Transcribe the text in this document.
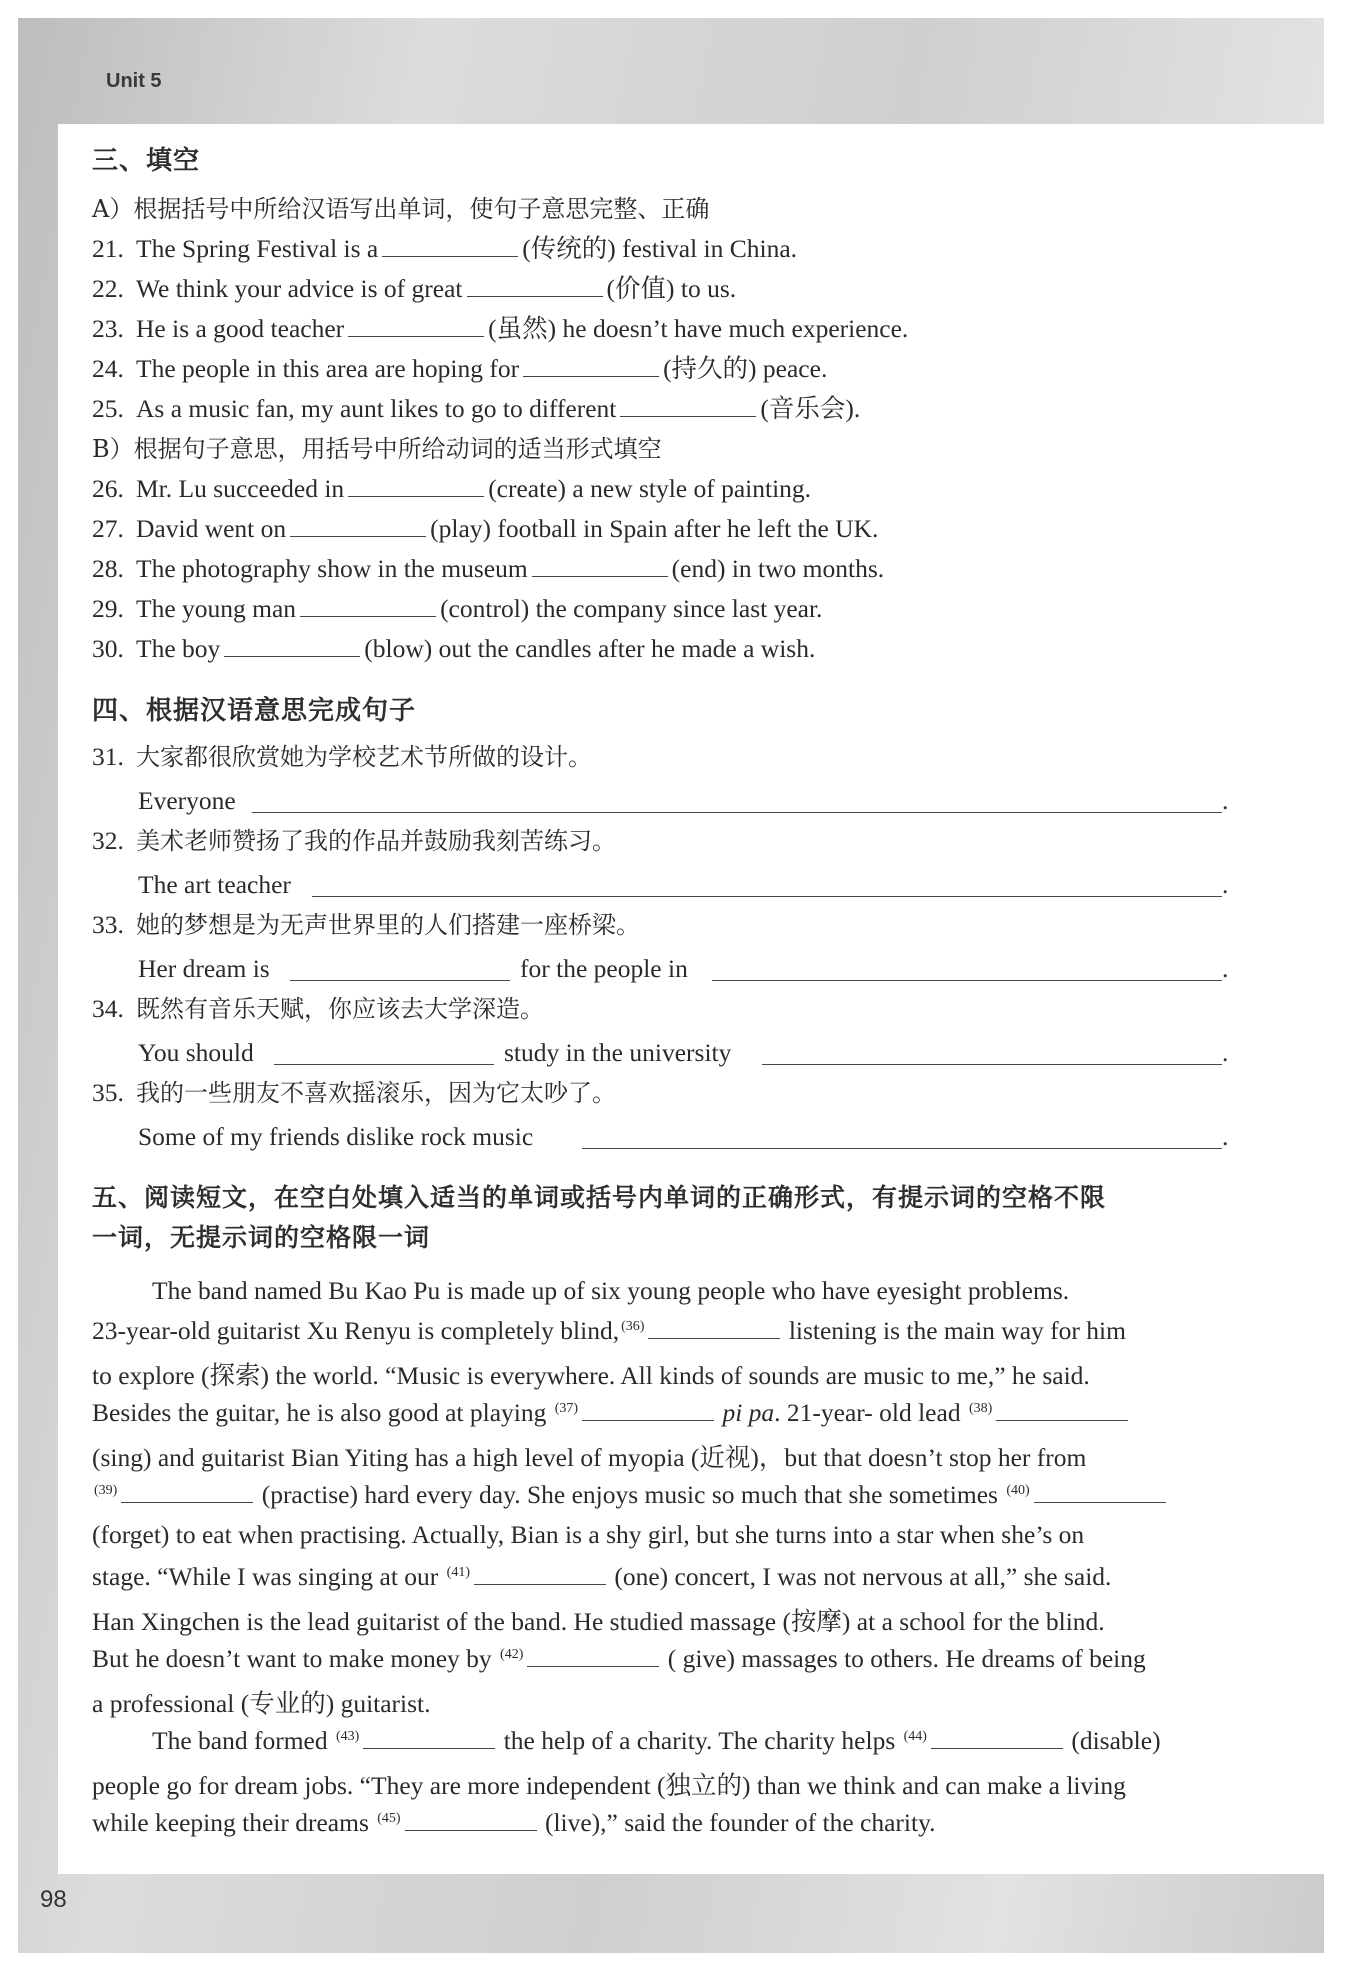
Unit 5
98
三、填空
A）根据括号中所给汉语写出单词，使句子意思完整、正确
21. The Spring Festival is a	(传统的) festival in China.
22. We think your advice is of great	(价值) to us.
23. He is a good teacher	(虽然) he doesn’t have much experience.
24. The people in this area are hoping for	(持久的) peace.
25. As a music fan, my aunt likes to go to different	(音乐会).
B）根据句子意思，用括号中所给动词的适当形式填空
26. Mr. Lu succeeded in	(create) a new style of painting.
27. David went on	(play) football in Spain after he left the UK.
28. The photography show in the museum	(end) in two months.
29. The young man	(control) the company since last year.
30. The boy	(blow) out the candles after he made a wish.
四、根据汉语意思完成句子
31. 大家都很欣赏她为学校艺术节所做的设计。
Everyone	.
32. 美术老师赞扬了我的作品并鼓励我刻苦练习。
The art teacher	.
33. 她的梦想是为无声世界里的人们搭建一座桥梁。
Her dream is	for the people in	.
34. 既然有音乐天赋，你应该去大学深造。
You should	study in the university	.
35. 我的一些朋友不喜欢摇滚乐，因为它太吵了。
Some of my friends dislike rock music	.
五、阅读短文，在空白处填入适当的单词或括号内单词的正确形式，有提示词的空格不限
一词，无提示词的空格限一词
The band named Bu Kao Pu is made up of six young people who have eyesight problems.
23-year-old guitarist Xu Renyu is completely blind, $^{(36)}$	listening is the main way for him
to explore (探索) the world. “Music is everywhere. All kinds of sounds are music to me,” he said.
Besides the guitar, he is also good at playing $^{(37)}$	pi pa. 21-year- old lead $^{(38)}$
(sing) and guitarist Bian Yiting has a high level of myopia (近视)，but that doesn’t stop her from
$^{(39)}$	(practise) hard every day. She enjoys music so much that she sometimes $^{(40)}$
(forget) to eat when practising. Actually, Bian is a shy girl, but she turns into a star when she’s on
stage. “While I was singing at our $^{(41)}$	(one) concert, I was not nervous at all,” she said.
Han Xingchen is the lead guitarist of the band. He studied massage (按摩) at a school for the blind.
But he doesn’t want to make money by $^{(42)}$	( give) massages to others. He dreams of being
a professional (专业的) guitarist.
The band formed $^{(43)}$	the help of a charity. The charity helps $^{(44)}$	(disable)
people go for dream jobs. “They are more independent (独立的) than we think and can make a living
while keeping their dreams $^{(45)}$	(live),” said the founder of the charity.
